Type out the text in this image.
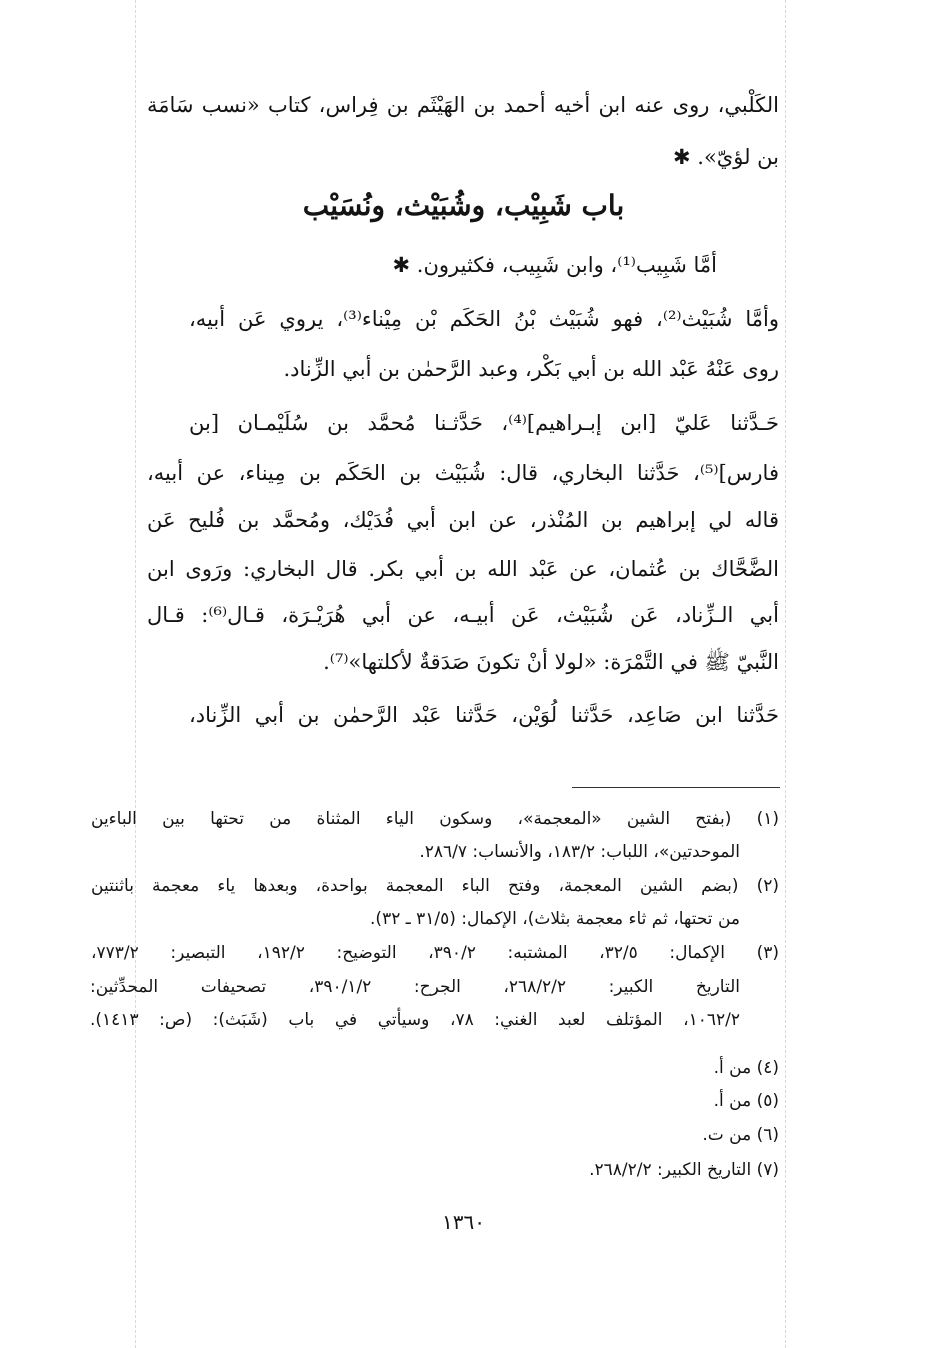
الكَلْبي، روى عنه ابن أخيه أحمد بن الهَيْثَم بن فِراس، كتاب «نسب سَامَة
بن لؤيّ». ✱
باب شَبِيْب، وشُبَيْث، ونُسَيْب
أمَّا شَبِيب⁽¹⁾، وابن شَبِيب، فكثيرون. ✱
وأمَّا شُبَيْث⁽²⁾، فهو شُبَيْث بْنُ الحَكَم بْن مِيْناء⁽³⁾، يروي عَن أبيه،
روى عَنْهُ عَبْد الله بن أبي بَكْر، وعبد الرَّحمٰن بن أبي الزِّناد.
حَـدَّثنا عَليّ [ابن إبـراهيم]⁽⁴⁾، حَدَّثـنا مُحمَّد بن سُلَيْمـان [بن
فارس]⁽⁵⁾، حَدَّثنا البخاري، قال: شُبَيْث بن الحَكَم بن مِيناء، عن أبيه،
قاله لي إبراهيم بن المُنْذر، عن ابن أبي فُدَيْك، ومُحمَّد بن فُليح عَن
الضَّحَّاك بن عُثمان، عن عَبْد الله بن أبي بكر. قال البخاري: ورَوى ابن
أبي الـزِّناد، عَن شُبَيْث، عَن أبيـه، عن أبي هُرَيْـرَة، قـال⁽⁶⁾: قـال
النَّبيّ ﷺ في التَّمْرَة: «لولا أنْ تكونَ صَدَقةٌ لأكلتها»⁽⁷⁾.
حَدَّثنا ابن صَاعِد، حَدَّثنا لُوَيْن، حَدَّثنا عَبْد الرَّحمٰن بن أبي الزِّناد،
(١) (بفتح الشين «المعجمة»، وسكون الياء المثناة من تحتها بين الباءين
الموحدتين»، اللباب: ١٨٣/٢، والأنساب: ٢٨٦/٧.
(٢) (بضم الشين المعجمة، وفتح الباء المعجمة بواحدة، وبعدها ياء معجمة باثنتين
من تحتها، ثم ثاء معجمة بثلاث)، الإكمال: (٣١/٥ ـ ٣٢).
(٣) الإكمال: ٣٢/٥، المشتبه: ٣٩٠/٢، التوضيح: ١٩٢/٢، التبصير: ٧٧٣/٢،
التاريخ الكبير: ٢٦٨/٢/٢، الجرح: ٣٩٠/١/٢، تصحيفات المحدِّثين:
١٠٦٢/٢، المؤتلف لعبد الغني: ٧٨، وسيأتي في باب (شَبَث): (ص: ١٤١٣).
(٤) من أ.
(٥) من أ.
(٦) من ت.
(٧) التاريخ الكبير: ٢٦٨/٢/٢.
١٣٦٠
